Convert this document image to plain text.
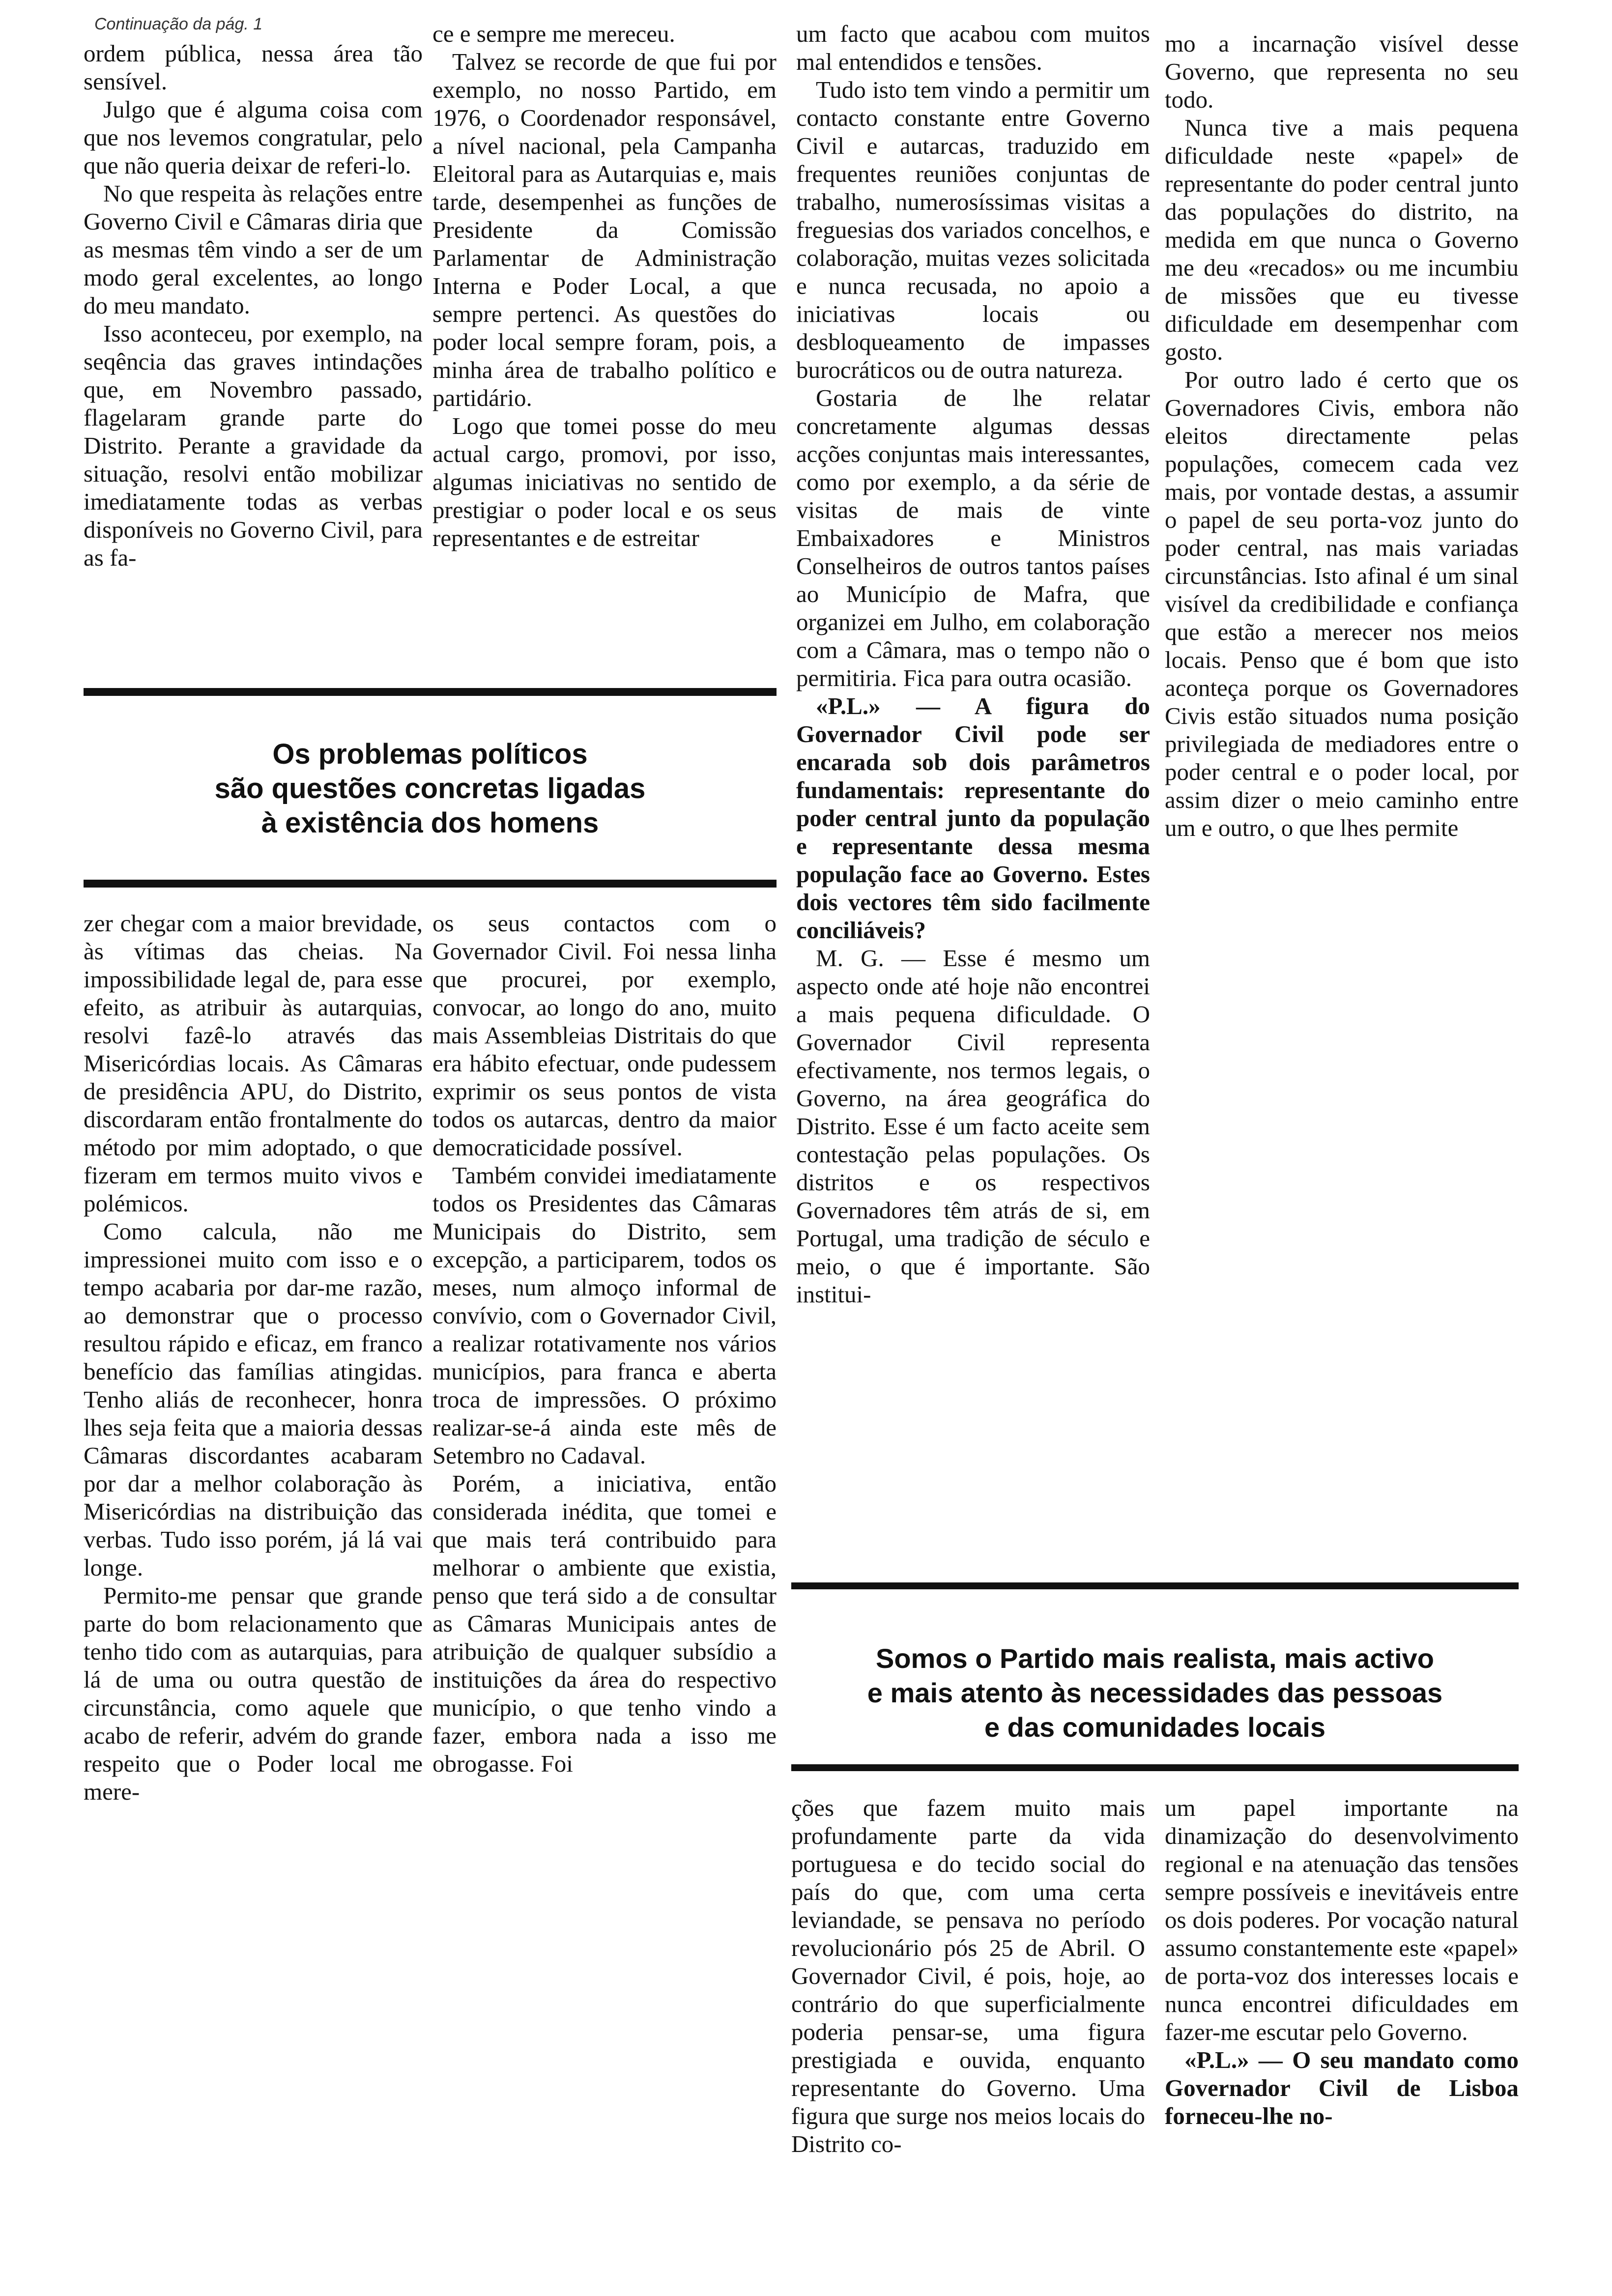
Continuação da pág. 1

ordem pública, nessa área tão sensível.

Julgo que é alguma coisa com que nos levemos congratular, pelo que não queria deixar de referi-lo.

No que respeita às relações entre Governo Civil e Câmaras diria que as mesmas têm vindo a ser de um modo geral excelentes, ao longo do meu mandato.

Isso aconteceu, por exemplo, na seqência das graves intindações que, em Novembro passado, flagelaram grande parte do Distrito. Perante a gravidade da situação, resolvi então mobilizar imediatamente todas as verbas disponíveis no Governo Civil, para as fa-

ce e sempre me mereceu.

Talvez se recorde de que fui por exemplo, no nosso Partido, em 1976, o Coordenador responsável, a nível nacional, pela Campanha Eleitoral para as Autarquias e, mais tarde, desempenhei as funções de Presidente da Comissão Parlamentar de Administração Interna e Poder Local, a que sempre pertenci. As questões do poder local sempre foram, pois, a minha área de trabalho político e partidário.

Logo que tomei posse do meu actual cargo, promovi, por isso, algumas iniciativas no sentido de prestigiar o poder local e os seus representantes e de estreitar

um facto que acabou com muitos mal entendidos e tensões.

Tudo isto tem vindo a permitir um contacto constante entre Governo Civil e autarcas, traduzido em frequentes reuniões conjuntas de trabalho, numerosíssimas visitas a freguesias dos variados concelhos, e colaboração, muitas vezes solicitada e nunca recusada, no apoio a iniciativas locais ou desbloqueamento de impasses burocráticos ou de outra natureza.

Gostaria de lhe relatar concretamente algumas dessas acções conjuntas mais interessantes, como por exemplo, a da série de visitas de mais de vinte Embaixadores e Ministros Conselheiros de outros tantos países ao Município de Mafra, que organizei em Julho, em colaboração com a Câmara, mas o tempo não o permitiria. Fica para outra ocasião.

«P.L.» — A figura do Governador Civil pode ser encarada sob dois parâmetros fundamentais: representante do poder central junto da população e representante dessa mesma população face ao Governo. Estes dois vectores têm sido facilmente conciliáveis?

M. G. — Esse é mesmo um aspecto onde até hoje não encontrei a mais pequena dificuldade. O Governador Civil representa efectivamente, nos termos legais, o Governo, na área geográfica do Distrito. Esse é um facto aceite sem contestação pelas populações. Os distritos e os respectivos Governadores têm atrás de si, em Portugal, uma tradição de século e meio, o que é importante. São institui-

mo a incarnação visível desse Governo, que representa no seu todo.

Nunca tive a mais pequena dificuldade neste «papel» de representante do poder central junto das populações do distrito, na medida em que nunca o Governo me deu «recados» ou me incumbiu de missões que eu tivesse dificuldade em desempenhar com gosto.

Por outro lado é certo que os Governadores Civis, embora não eleitos directamente pelas populações, comecem cada vez mais, por vontade destas, a assumir o papel de seu porta-voz junto do poder central, nas mais variadas circunstâncias. Isto afinal é um sinal visível da credibilidade e confiança que estão a merecer nos meios locais. Penso que é bom que isto aconteça porque os Governadores Civis estão situados numa posição privilegiada de mediadores entre o poder central e o poder local, por assim dizer o meio caminho entre um e outro, o que lhes permite

Os problemas políticos
são questões concretas ligadas
à existência dos homens

zer chegar com a maior brevidade, às vítimas das cheias. Na impossibilidade legal de, para esse efeito, as atribuir às autarquias, resolvi fazê-lo através das Misericórdias locais. As Câmaras de presidência APU, do Distrito, discordaram então frontalmente do método por mim adoptado, o que fizeram em termos muito vivos e polémicos.

Como calcula, não me impressionei muito com isso e o tempo acabaria por dar-me razão, ao demonstrar que o processo resultou rápido e eficaz, em franco benefício das famílias atingidas. Tenho aliás de reconhecer, honra lhes seja feita que a maioria dessas Câmaras discordantes acabaram por dar a melhor colaboração às Misericórdias na distribuição das verbas. Tudo isso porém, já lá vai longe.

Permito-me pensar que grande parte do bom relacionamento que tenho tido com as autarquias, para lá de uma ou outra questão de circunstância, como aquele que acabo de referir, advém do grande respeito que o Poder local me mere-

os seus contactos com o Governador Civil. Foi nessa linha que procurei, por exemplo, convocar, ao longo do ano, muito mais Assembleias Distritais do que era hábito efectuar, onde pudessem exprimir os seus pontos de vista todos os autarcas, dentro da maior democraticidade possível.

Também convidei imediatamente todos os Presidentes das Câmaras Municipais do Distrito, sem excepção, a participarem, todos os meses, num almoço informal de convívio, com o Governador Civil, a realizar rotativamente nos vários municípios, para franca e aberta troca de impressões. O próximo realizar-se-á ainda este mês de Setembro no Cadaval.

Porém, a iniciativa, então considerada inédita, que tomei e que mais terá contribuido para melhorar o ambiente que existia, penso que terá sido a de consultar as Câmaras Municipais antes de atribuição de qualquer subsídio a instituições da área do respectivo município, o que tenho vindo a fazer, embora nada a isso me obrogasse. Foi

Somos o Partido mais realista, mais activo
e mais atento às necessidades das pessoas
e das comunidades locais

ções que fazem muito mais profundamente parte da vida portuguesa e do tecido social do país do que, com uma certa leviandade, se pensava no período revolucionário pós 25 de Abril. O Governador Civil, é pois, hoje, ao contrário do que superficialmente poderia pensar-se, uma figura prestigiada e ouvida, enquanto representante do Governo. Uma figura que surge nos meios locais do Distrito co-

um papel importante na dinamização do desenvolvimento regional e na atenuação das tensões sempre possíveis e inevitáveis entre os dois poderes. Por vocação natural assumo constantemente este «papel» de porta-voz dos interesses locais e nunca encontrei dificuldades em fazer-me escutar pelo Governo.

«P.L.» — O seu mandato como Governador Civil de Lisboa forneceu-lhe no-
